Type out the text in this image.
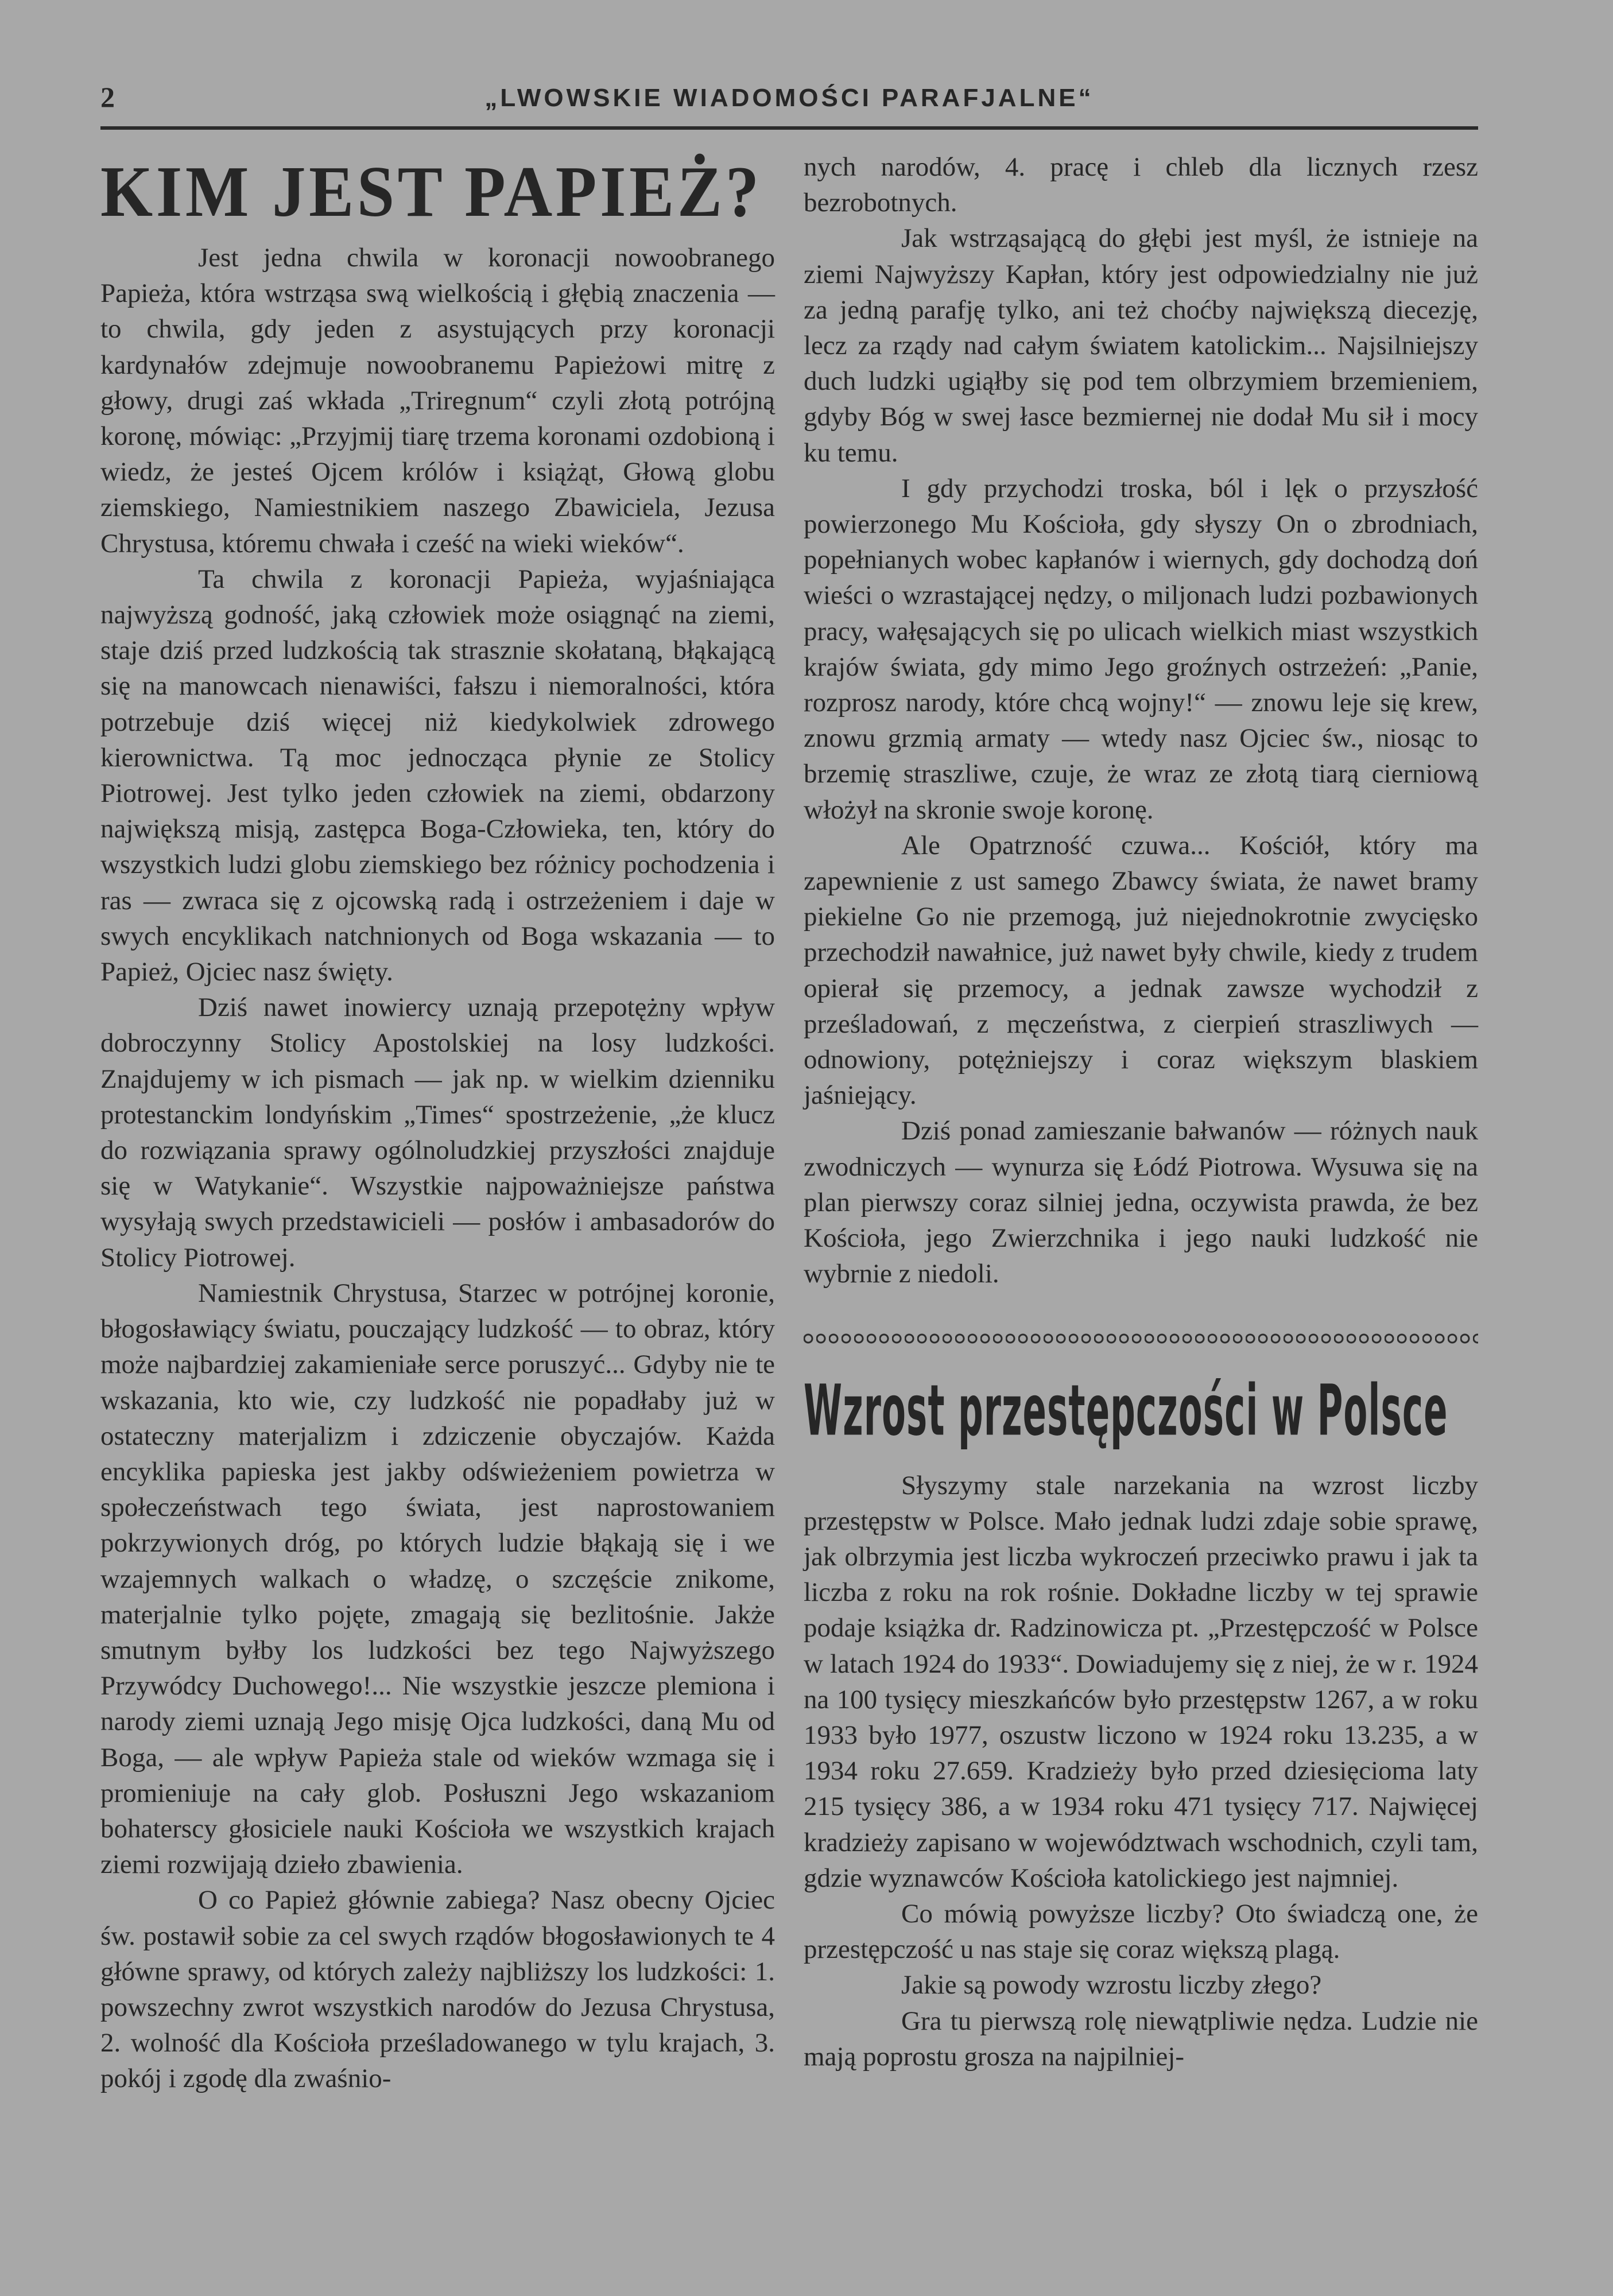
2	„LWOWSKIE WIADOMOŚCI PARAFJALNE“
KIM JEST PAPIEŻ?

Jest jedna chwila w koronacji nowoobranego Papieża, która wstrząsa swą wielkością i głębią znaczenia — to chwila, gdy jeden z asystujących przy koronacji kardynałów zdejmuje nowoobranemu Papieżowi mitrę z głowy, drugi zaś wkłada „Triregnum“ czyli złotą potrójną koronę, mówiąc: „Przyjmij tiarę trzema koronami ozdobioną i wiedz, że jesteś Ojcem królów i książąt, Głową globu ziemskiego, Namiestnikiem naszego Zbawiciela, Jezusa Chrystusa, któremu chwała i cześć na wieki wieków“.

Ta chwila z koronacji Papieża, wyjaśniająca najwyższą godność, jaką człowiek może osiągnąć na ziemi, staje dziś przed ludzkością tak strasznie skołataną, błąkającą się na manowcach nienawiści, fałszu i niemoralności, która potrzebuje dziś więcej niż kiedykolwiek zdrowego kierownictwa. Tą moc jednocząca płynie ze Stolicy Piotrowej. Jest tylko jeden człowiek na ziemi, obdarzony największą misją, zastępca Boga-Człowieka, ten, który do wszystkich ludzi globu ziemskiego bez różnicy pochodzenia i ras — zwraca się z ojcowską radą i ostrzeżeniem i daje w swych encyklikach natchnionych od Boga wskazania — to Papież, Ojciec nasz święty.

Dziś nawet inowiercy uznają przepotężny wpływ dobroczynny Stolicy Apostolskiej na losy ludzkości. Znajdujemy w ich pismach — jak np. w wielkim dzienniku protestanckim londyńskim „Times“ spostrzeżenie, „że klucz do rozwiązania sprawy ogólnoludzkiej przyszłości znajduje się w Watykanie“. Wszystkie najpoważniejsze państwa wysyłają swych przedstawicieli — posłów i ambasadorów do Stolicy Piotrowej.

Namiestnik Chrystusa, Starzec w potrójnej koronie, błogosławiący światu, pouczający ludzkość — to obraz, który może najbardziej zakamieniałe serce poruszyć... Gdyby nie te wskazania, kto wie, czy ludzkość nie popadłaby już w ostateczny materjalizm i zdziczenie obyczajów. Każda encyklika papieska jest jakby odświeżeniem powietrza w społeczeństwach tego świata, jest naprostowaniem pokrzywionych dróg, po których ludzie błąkają się i we wzajemnych walkach o władzę, o szczęście znikome, materjalnie tylko pojęte, zmagają się bezlitośnie. Jakże smutnym byłby los ludzkości bez tego Najwyższego Przywódcy Duchowego!... Nie wszystkie jeszcze plemiona i narody ziemi uznają Jego misję Ojca ludzkości, daną Mu od Boga, — ale wpływ Papieża stale od wieków wzmaga się i promieniuje na cały glob. Posłuszni Jego wskazaniom bohaterscy głosiciele nauki Kościoła we wszystkich krajach ziemi rozwijają dzieło zbawienia.

O co Papież głównie zabiega? Nasz obecny Ojciec św. postawił sobie za cel swych rządów błogosławionych te 4 główne sprawy, od których zależy najbliższy los ludzkości: 1. powszechny zwrot wszystkich narodów do Jezusa Chrystusa, 2. wolność dla Kościoła prześladowanego w tylu krajach, 3. pokój i zgodę dla zwaśnio-

nych narodów, 4. pracę i chleb dla licznych rzesz bezrobotnych.

Jak wstrząsającą do głębi jest myśl, że istnieje na ziemi Najwyższy Kapłan, który jest odpowiedzialny nie już za jedną parafję tylko, ani też choćby największą diecezję, lecz za rządy nad całym światem katolickim... Najsilniejszy duch ludzki ugiąłby się pod tem olbrzymiem brzemieniem, gdyby Bóg w swej łasce bezmiernej nie dodał Mu sił i mocy ku temu.

I gdy przychodzi troska, ból i lęk o przyszłość powierzonego Mu Kościoła, gdy słyszy On o zbrodniach, popełnianych wobec kapłanów i wiernych, gdy dochodzą doń wieści o wzrastającej nędzy, o miljonach ludzi pozbawionych pracy, wałęsających się po ulicach wielkich miast wszystkich krajów świata, gdy mimo Jego groźnych ostrzeżeń: „Panie, rozprosz narody, które chcą wojny!“ — znowu leje się krew, znowu grzmią armaty — wtedy nasz Ojciec św., niosąc to brzemię straszliwe, czuje, że wraz ze złotą tiarą cierniową włożył na skronie swoje koronę.

Ale Opatrzność czuwa... Kościół, który ma zapewnienie z ust samego Zbawcy świata, że nawet bramy piekielne Go nie przemogą, już niejednokrotnie zwycięsko przechodził nawałnice, już nawet były chwile, kiedy z trudem opierał się przemocy, a jednak zawsze wychodził z prześladowań, z męczeństwa, z cierpień straszliwych — odnowiony, potężniejszy i coraz większym blaskiem jaśniejący.

Dziś ponad zamieszanie bałwanów — różnych nauk zwodniczych — wynurza się Łódź Piotrowa. Wysuwa się na plan pierwszy coraz silniej jedna, oczywista prawda, że bez Kościoła, jego Zwierzchnika i jego nauki ludzkość nie wybrnie z niedoli.

Wzrost przestępczości w Polsce

Słyszymy stale narzekania na wzrost liczby przestępstw w Polsce. Mało jednak ludzi zdaje sobie sprawę, jak olbrzymia jest liczba wykroczeń przeciwko prawu i jak ta liczba z roku na rok rośnie. Dokładne liczby w tej sprawie podaje książka dr. Radzinowicza pt. „Przestępczość w Polsce w latach 1924 do 1933“. Dowiadujemy się z niej, że w r. 1924 na 100 tysięcy mieszkańców było przestępstw 1267, a w roku 1933 było 1977, oszustw liczono w 1924 roku 13.235, a w 1934 roku 27.659. Kradzieży było przed dziesięcioma laty 215 tysięcy 386, a w 1934 roku 471 tysięcy 717. Najwięcej kradzieży zapisano w województwach wschodnich, czyli tam, gdzie wyznawców Kościoła katolickiego jest najmniej.

Co mówią powyższe liczby? Oto świadczą one, że przestępczość u nas staje się coraz większą plagą.

Jakie są powody wzrostu liczby złego?

Gra tu pierwszą rolę niewątpliwie nędza. Ludzie nie mają poprostu grosza na najpilniej-
